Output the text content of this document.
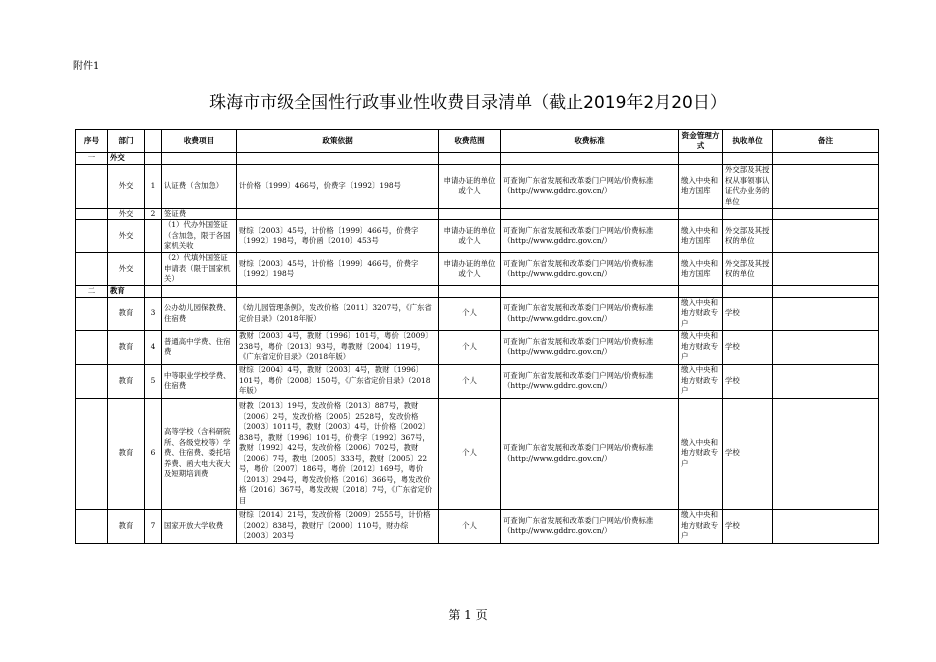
附件1
珠海市市级全国性行政事业性收费目录清单（截止2019年2月20日）
序号	部门		收费项目	政策依据	收费范围	收费标准	资金管理方式	执收单位	备注
一	外交								
	外交	1	认证费（含加急）	计价格〔1999〕466号，价费字〔1992〕198号	申请办证的单位或个人	可查询广东省发展和改革委门户网站/价费标准（http://www.gddrc.gov.cn/）	缴入中央和地方国库	外交部及其授权从事领事认证代办业务的单位	
	外交	2	签证费						
	外交		（1）代办外国签证（含加急，限于各国家机关收	财综〔2003〕45号，计价格〔1999〕466号，价费字〔1992〕198号，粤价函〔2010〕453号	申请办证的单位或个人	可查询广东省发展和改革委门户网站/价费标准（http://www.gddrc.gov.cn/）	缴入中央和地方国库	外交部及其授权的单位	
	外交		（2）代填外国签证申请表（限于国家机关）	财综〔2003〕45号，计价格〔1999〕466号，价费字〔1992〕198号	申请办证的单位或个人	可查询广东省发展和改革委门户网站/价费标准（http://www.gddrc.gov.cn/）	缴入中央和地方国库	外交部及其授权的单位	
二	教育								
	教育	3	公办幼儿园保教费、住宿费	《幼儿园管理条例》，发改价格〔2011〕3207号，《广东省定价目录》（2018年版）	个人	可查询广东省发展和改革委门户网站/价费标准（http://www.gddrc.gov.cn/）	缴入中央和地方财政专户	学校	
	教育	4	普通高中学费、住宿费	教财〔2003〕4号，教财〔1996〕101号，粤价〔2009〕238号，粤价〔2013〕93号，粤教财〔2004〕119号，《广东省定价目录》（2018年版）	个人	可查询广东省发展和改革委门户网站/价费标准（http://www.gddrc.gov.cn/）	缴入中央和地方财政专户	学校	
	教育	5	中等职业学校学费、住宿费	财综〔2004〕4号，教财〔2003〕4号，教财〔1996〕101号，粤价〔2008〕150号，《广东省定价目录》（2018年版）	个人	可查询广东省发展和改革委门户网站/价费标准（http://www.gddrc.gov.cn/）	缴入中央和地方财政专户	学校	
	教育	6	高等学校（含科研院所、各级党校等）学费、住宿费、委托培养费、函大电大夜大及短期培训费	财教〔2013〕19号，发改价格〔2013〕887号，教财〔2006〕2号，发改价格〔2005〕2528号，发改价格〔2003〕1011号，教财〔2003〕4号，计价格〔2002〕838号，教财〔1996〕101号，价费字〔1992〕367号，教财〔1992〕42号，发改价格〔2006〕702号，教财〔2006〕7号，教电〔2005〕333号，教财〔2005〕22号，粤价〔2007〕186号，粤价〔2012〕169号，粤价〔2013〕294号，粤发改价格〔2016〕366号，粤发改价格〔2016〕367号，粤发改规〔2018〕7号，《广东省定价目	个人	可查询广东省发展和改革委门户网站/价费标准（http://www.gddrc.gov.cn/）	缴入中央和地方财政专户	学校	
	教育	7	国家开放大学收费	财综〔2014〕21号，发改价格〔2009〕2555号，计价格〔2002〕838号，教财厅〔2000〕110号，财办综〔2003〕203号	个人	可查询广东省发展和改革委门户网站/价费标准（http://www.gddrc.gov.cn/）	缴入中央和地方财政专户	学校	
第 1 页
